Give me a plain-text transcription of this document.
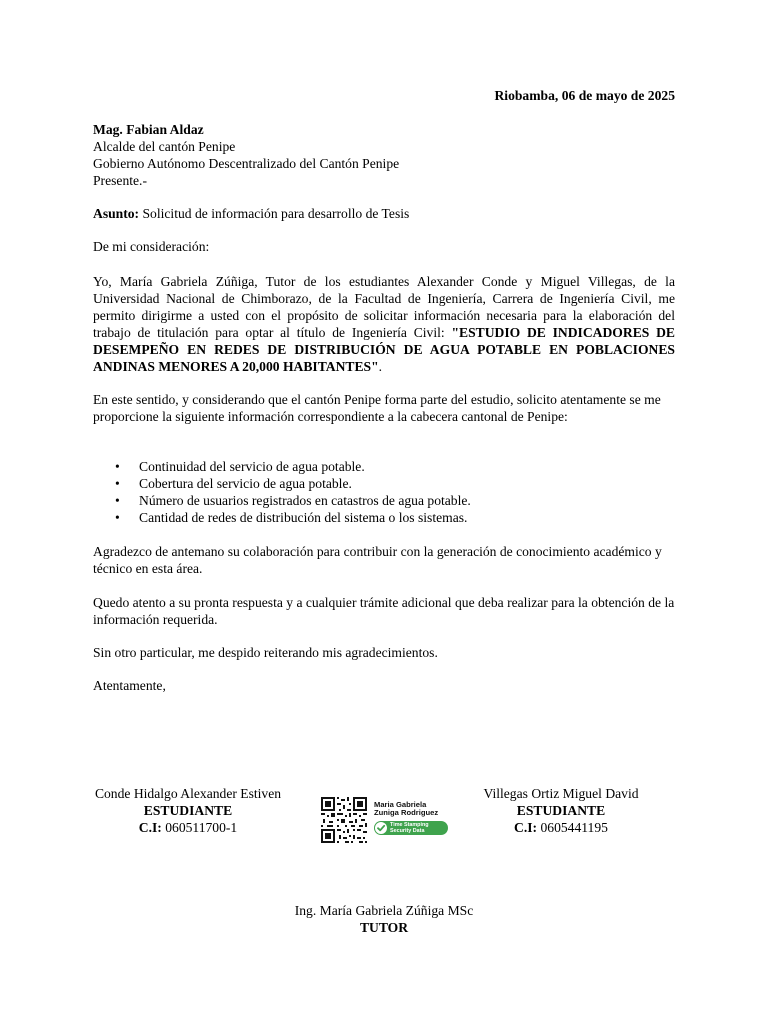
Riobamba, 06 de mayo de 2025
Mag. Fabian Aldaz
Alcalde del cantón Penipe
Gobierno Autónomo Descentralizado del Cantón Penipe
Presente.-
Asunto: Solicitud de información para desarrollo de Tesis
De mi consideración:
Yo, María Gabriela Zúñiga, Tutor de los estudiantes Alexander Conde y Miguel Villegas, de la Universidad Nacional de Chimborazo, de la Facultad de Ingeniería, Carrera de Ingeniería Civil, me permito dirigirme a usted con el propósito de solicitar información necesaria para la elaboración del trabajo de titulación para optar al título de Ingeniería Civil: "ESTUDIO DE INDICADORES DE DESEMPEÑO EN REDES DE DISTRIBUCIÓN DE AGUA POTABLE EN POBLACIONES ANDINAS MENORES A 20,000 HABITANTES".
En este sentido, y considerando que el cantón Penipe forma parte del estudio, solicito atentamente se me proporcione la siguiente información correspondiente a la cabecera cantonal de Penipe:
• Continuidad del servicio de agua potable.
• Cobertura del servicio de agua potable.
• Número de usuarios registrados en catastros de agua potable.
• Cantidad de redes de distribución del sistema o los sistemas.
Agradezco de antemano su colaboración para contribuir con la generación de conocimiento académico y técnico en esta área.
Quedo atento a su pronta respuesta y a cualquier trámite adicional que deba realizar para la obtención de la información requerida.
Sin otro particular, me despido reiterando mis agradecimientos.
Atentamente,
Conde Hidalgo Alexander Estiven
ESTUDIANTE
C.I: 060511700-1
Maria Gabriela
Zuniga Rodriguez
Time Stamping
Security Data
Villegas Ortiz Miguel David
ESTUDIANTE
C.I: 0605441195
Ing. María Gabriela Zúñiga MSc
TUTOR
